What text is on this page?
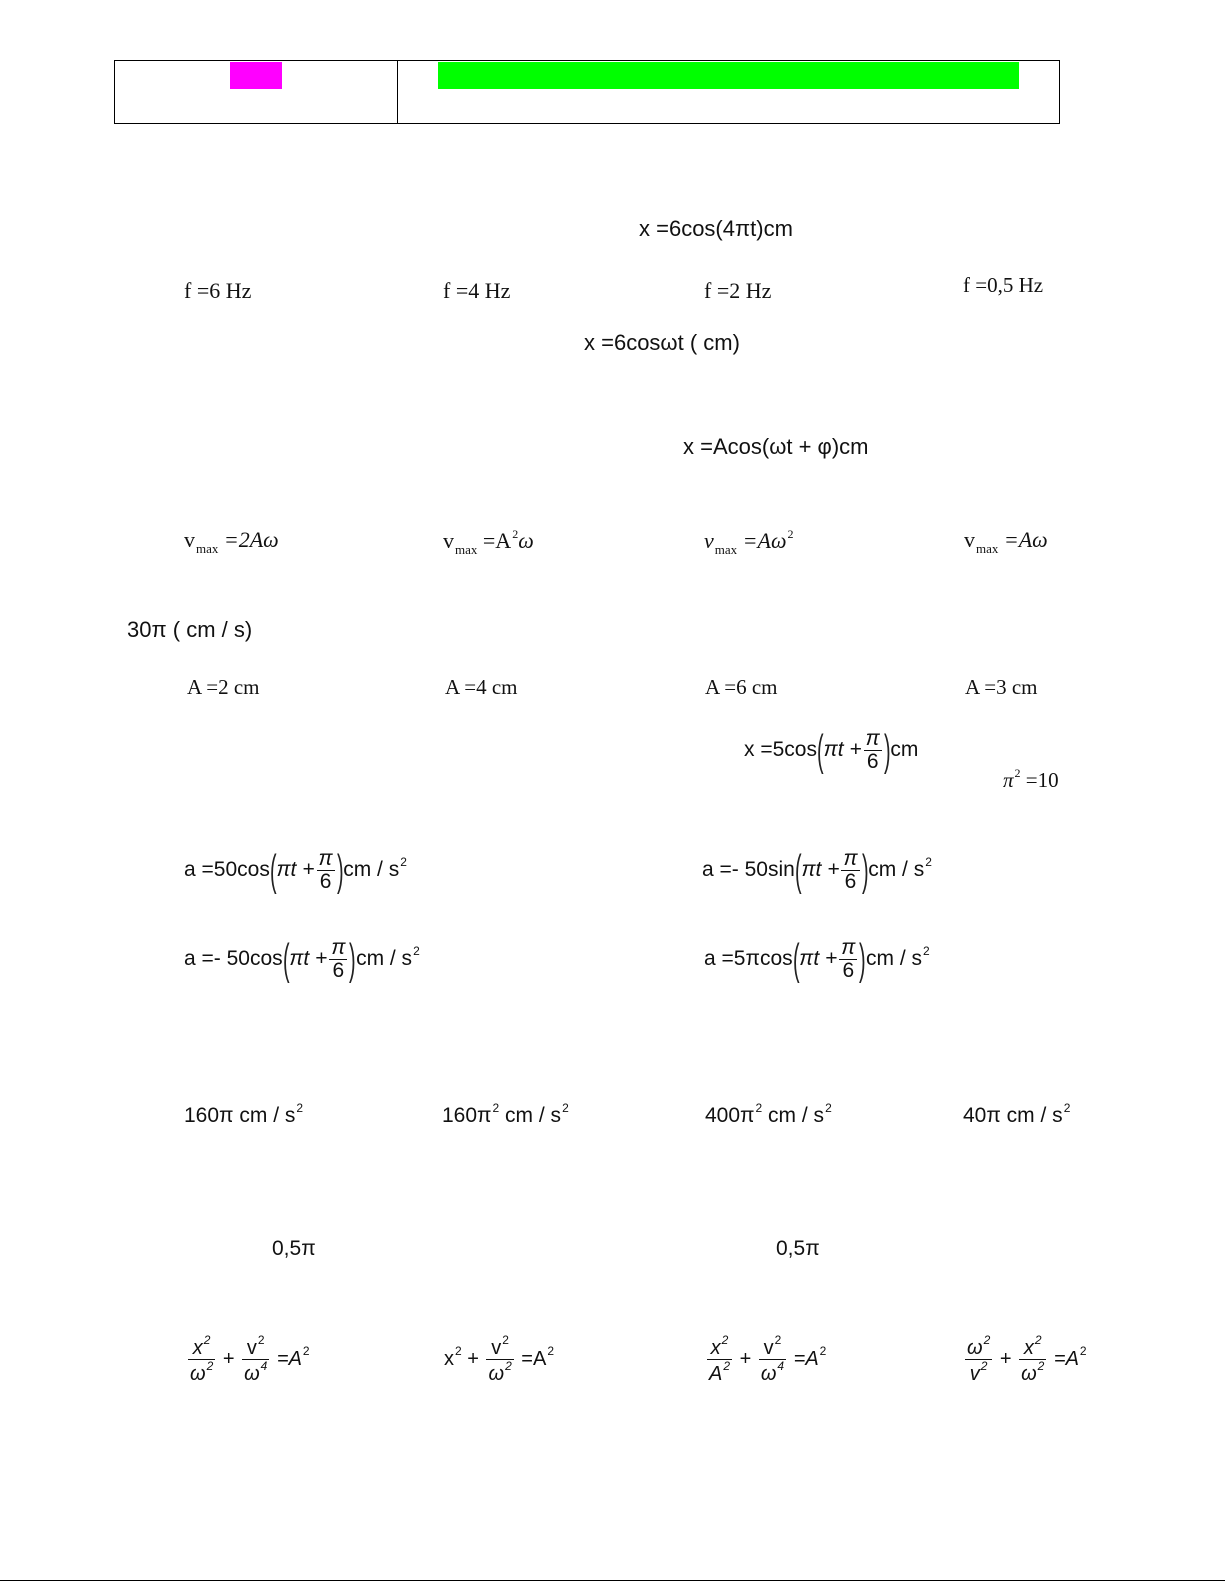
x =6cos(4πt)cm
f =6 Hz	f =4 Hz	f =2 Hz	f =0,5 Hz
x =6cosωt ( cm)
x =Acos(ωt + φ)cm
$v_{max} =2A\omega$	$v_{max} =A^2\omega$	$v_{max} =A\omega^2$	$v_{max} =A\omega$
30π ( cm / s)
A =2 cm	A =4 cm	A =6 cm	A =3 cm
$x =5\cos(\pi t + \frac{\pi}{6} )cm$
$\pi^2 =10$
$a =50\cos(\pi t + \frac{\pi}{6} )cm / s^2$	$a =- 50\sin(\pi t + \frac{\pi}{6} )cm / s^2$
$a =- 50\cos(\pi t + \frac{\pi}{6} )cm / s^2$	$a =5\pi\cos(\pi t + \frac{\pi}{6} )cm / s^2$
160π cm / $s^2$	$160\pi^2$ cm / $s^2$	$400\pi^2$ cm / $s^2$	40π cm / $s^2$
0,5π	0,5π
$\frac{x^2}{\omega^2} + \frac{v^2}{\omega^4} =A^2$	$x^2 + \frac{v^2}{\omega^2} =A^2$	$\frac{x^2}{A^2} + \frac{v^2}{\omega^4} =A^2$	$\frac{\omega^2}{v^2} + \frac{x^2}{\omega^2} =A^2$
